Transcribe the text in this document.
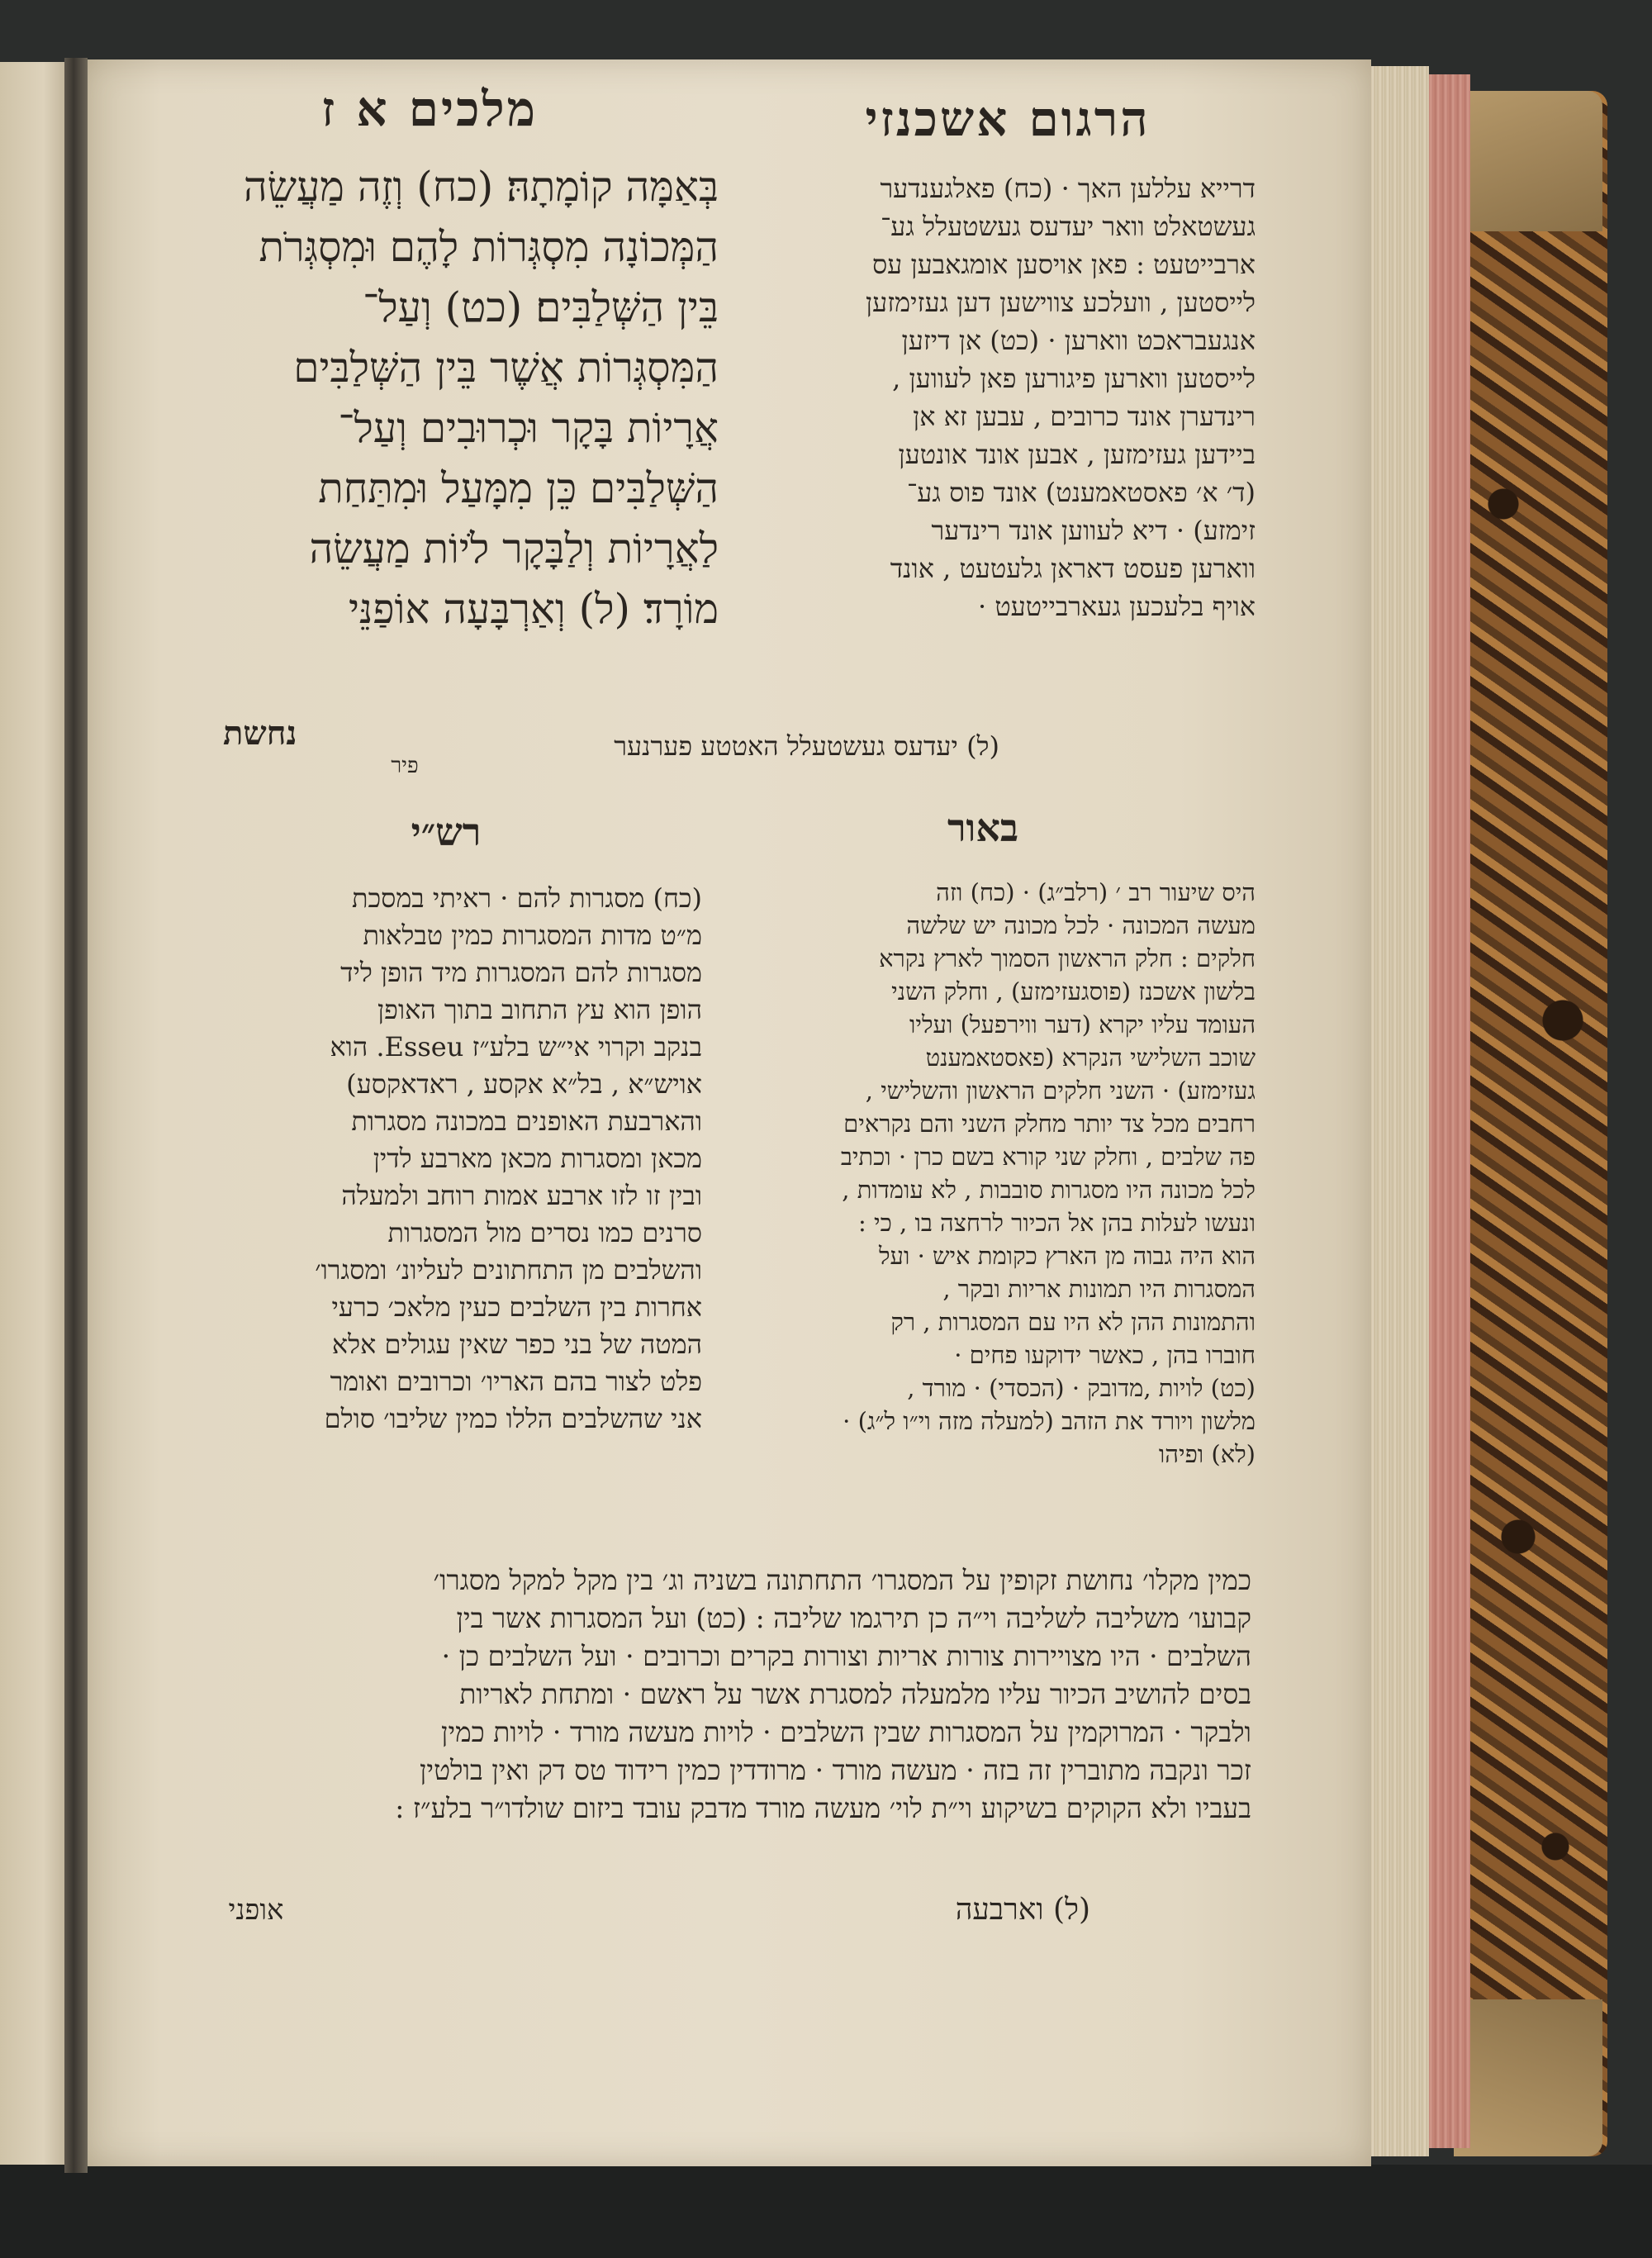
הרגום אשכנזי
מלכים א ז
בְּאַמָּה קוֹמָתָהּ׃ (כח) וְזֶה מַעֲשֵׂה
הַמְּכוֹנָה מִסְגְּרוֹת לָהֶם וּמִסְגְּרֹת
בֵּין הַשְּׁלַבִּים׃ (כט) וְעַל־
הַמִּסְגְּרוֹת אֲשֶׁר בֵּין הַשְּׁלַבִּים
אֲרָיוֹת בָּקָר וּכְרוּבִים וְעַל־
הַשְּׁלַבִּים כֵּן מִמָּעַל וּמִתַּחַת
לַאֲרָיוֹת וְלַבָּקָר לֹיוֹת מַעֲשֵׂה
מוֹרָד׃ (ל) וְאַרְבָּעָה אוֹפַנֵּי
נחשת
דרייא עללען האך · (כח) פאלגענדער
געשטאלט וואר יעדעס געשטעלל גע־
ארבייטעט : פאן אויסען אומגאבען עס
לייסטען , וועלכע צווישען דען געזימזען
אנגעבראכט ווארען · (כט) אן דיזען
לייסטען ווארען פיגורען פאן לעווען ,
רינדערן אונד כרובים , עבען זא אן
ביידען געזימזען , אבען אונד אונטען
(ד׳ א׳ פאסטאמענט) אונד פוס גע־
זימזע) · דיא לעווען אונד רינדער
ווארען פעסט דאראן גלעטעט , אונד
אויף בלעכען געארבייטעט ·
(ל) יעדעס געשטעלל האטטע פערנער
פיר
באור
רש״י
היס שיעור רב ׳ (רלב״ג) · (כח) וזה
מעשה המכונה · לכל מכונה יש שלשה
חלקים : חלק הראשון הסמוך לארץ נקרא
בלשון אשכנז (פוסגעזימזע) , וחלק השני
העומד עליו יקרא (דער ווירפעל) ועליו
שוכב השלישי הנקרא (פאסטאמענט
געזימזע) · השני חלקים הראשון והשלישי ,
רחבים מכל צד יותר מחלק השני והם נקראים
פה שלבים , וחלק שני קורא בשם כרן · וכתיב
לכל מכונה היו מסגרות סובבות , לא עומדות ,
ונעשו לעלות בהן אל הכיור לרחצה בו , כי :
הוא היה גבוה מן הארץ כקומת איש · ועל
המסגרות היו תמונות אריות ובקר ,
והתמונות ההן לא היו עם המסגרות , רק
חוברו בהן , כאשר ידוקעו פחים ·
(כט) לויות ,מדובק · (הכסדי) · מורד ,
מלשון ויורד את הזהב (למעלה מזה וי״ו ל״ג) ·
(לא) ופיהו
(כח) מסגרות להם · ראיתי במסכת
מ״ט מדות המסגרות כמין טבלאות
מסגרות להם המסגרות מיד הופן ליד
הופן הוא עץ התחוב בתוך האופן
בנקב וקרוי אי״ש בלע״ז Esseu. הוא
אויש״א , בל״א אקסע , ראדאקסע)
והארבעת האופנים במכונה מסגרות
מכאן ומסגרות מכאן מארבע לדין
ובין זו לזו ארבע אמות רוחב ולמעלה
סרנים כמו נסרים מול המסגרות
והשלבים מן התחתונים לעליונ׳ ומסגרו׳
אחרות בין השלבים כעין מלאכ׳ כרעי
המטה של בני כפר שאין עגולים אלא
פלט לצור בהם האריו׳ וכרובים ואומר
אני שהשלבים הללו כמין שליבו׳ סולם
כמין מקלו׳ נחושת זקופין על המסגרו׳ התחתונה בשניה וג׳ בין מקל למקל מסגרו׳
קבועו׳ משליבה לשליבה וי״ה כן תירגמו שליבה : (כט) ועל המסגרות אשר בין
השלבים · היו מצויירות צורות אריות וצורות בקרים וכרובים · ועל השלבים כן ·
בסים להושיב הכיור עליו מלמעלה למסגרת אשר על ראשם · ומתחת לאריות
ולבקר · המרוקמין על המסגרות שבין השלבים · לויות מעשה מורד · לויות כמין
זכר ונקבה מתוברין זה בזה · מעשה מורד · מרודדין כמין רידוד טס דק ואין בולטין
בעביו ולא הקוקים בשיקוע וי״ת לוי׳ מעשה מורד מדבק עובד ביזום שולדו״ר בלע״ז :
(ל) וארבעה
אופני
